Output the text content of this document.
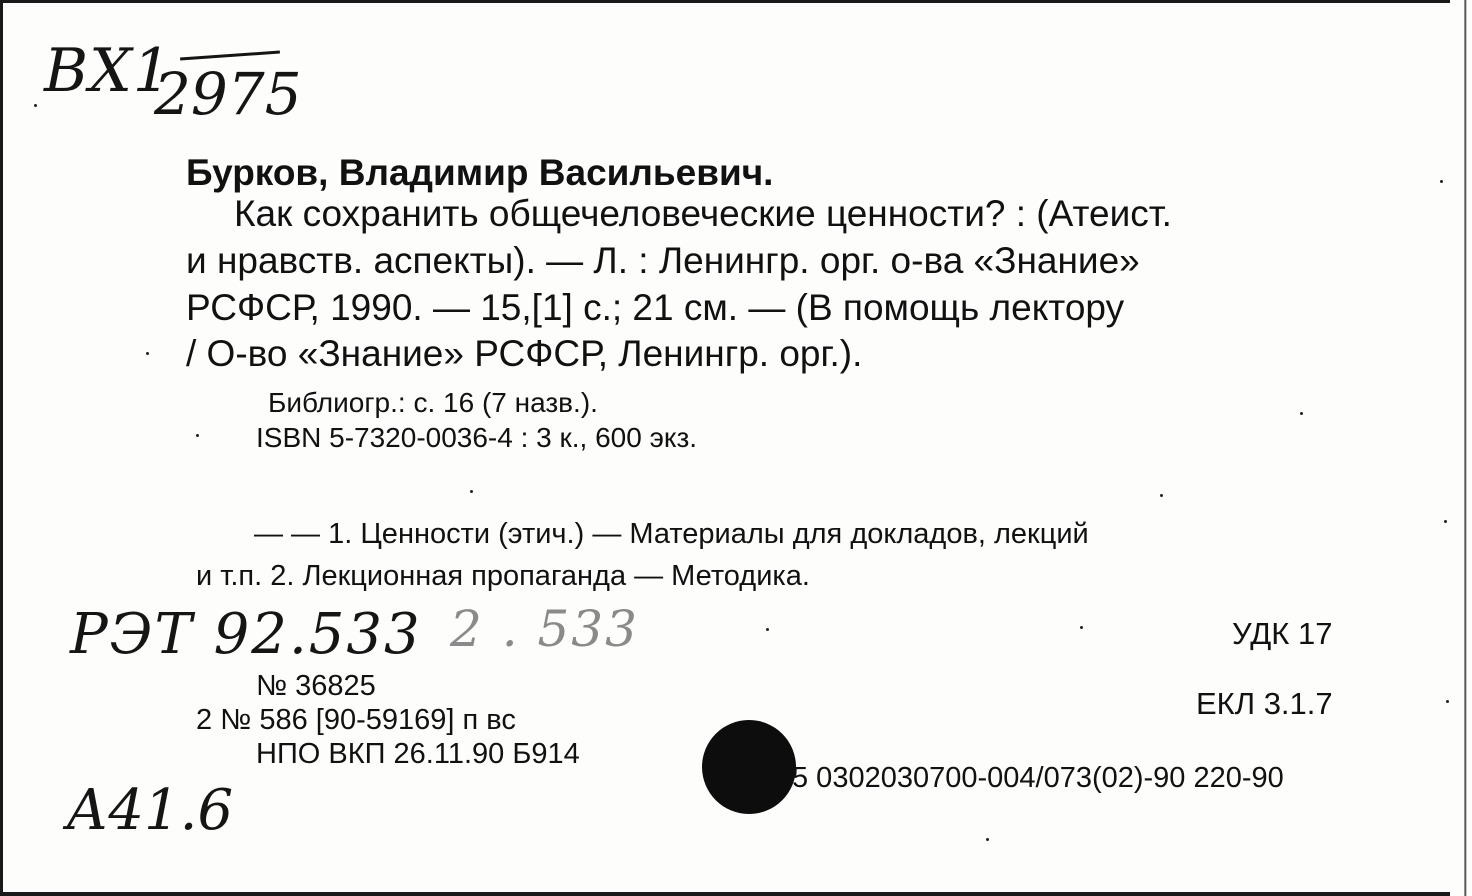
ВХ1
2975
Бурков, Владимир Васильевич.
Как сохранить общечеловеческие ценности? : (Атеист.
и нравств. аспекты). — Л. : Ленингр. орг. о-ва «Знание»
РСФСР, 1990. — 15,[1] с.; 21 см. — (В помощь лектору
/ О-во «Знание» РСФСР, Ленингр. орг.).
Библиогр.: с. 16 (7 назв.).
ISBN 5-7320-0036-4 : 3 к., 600 экз.
— — 1. Ценности (этич.) — Материалы для докладов, лекций
и т.п. 2. Лекционная пропаганда — Методика.
РЭТ 92.533 2 . 533
А41.6
УДК 17
ЕКЛ 3.1.7
№ 36825
2 № 586 [90-59169] п вс
НПО ВКП 26.11.90 Б914
5 0302030700-004/073(02)-90 220-90
